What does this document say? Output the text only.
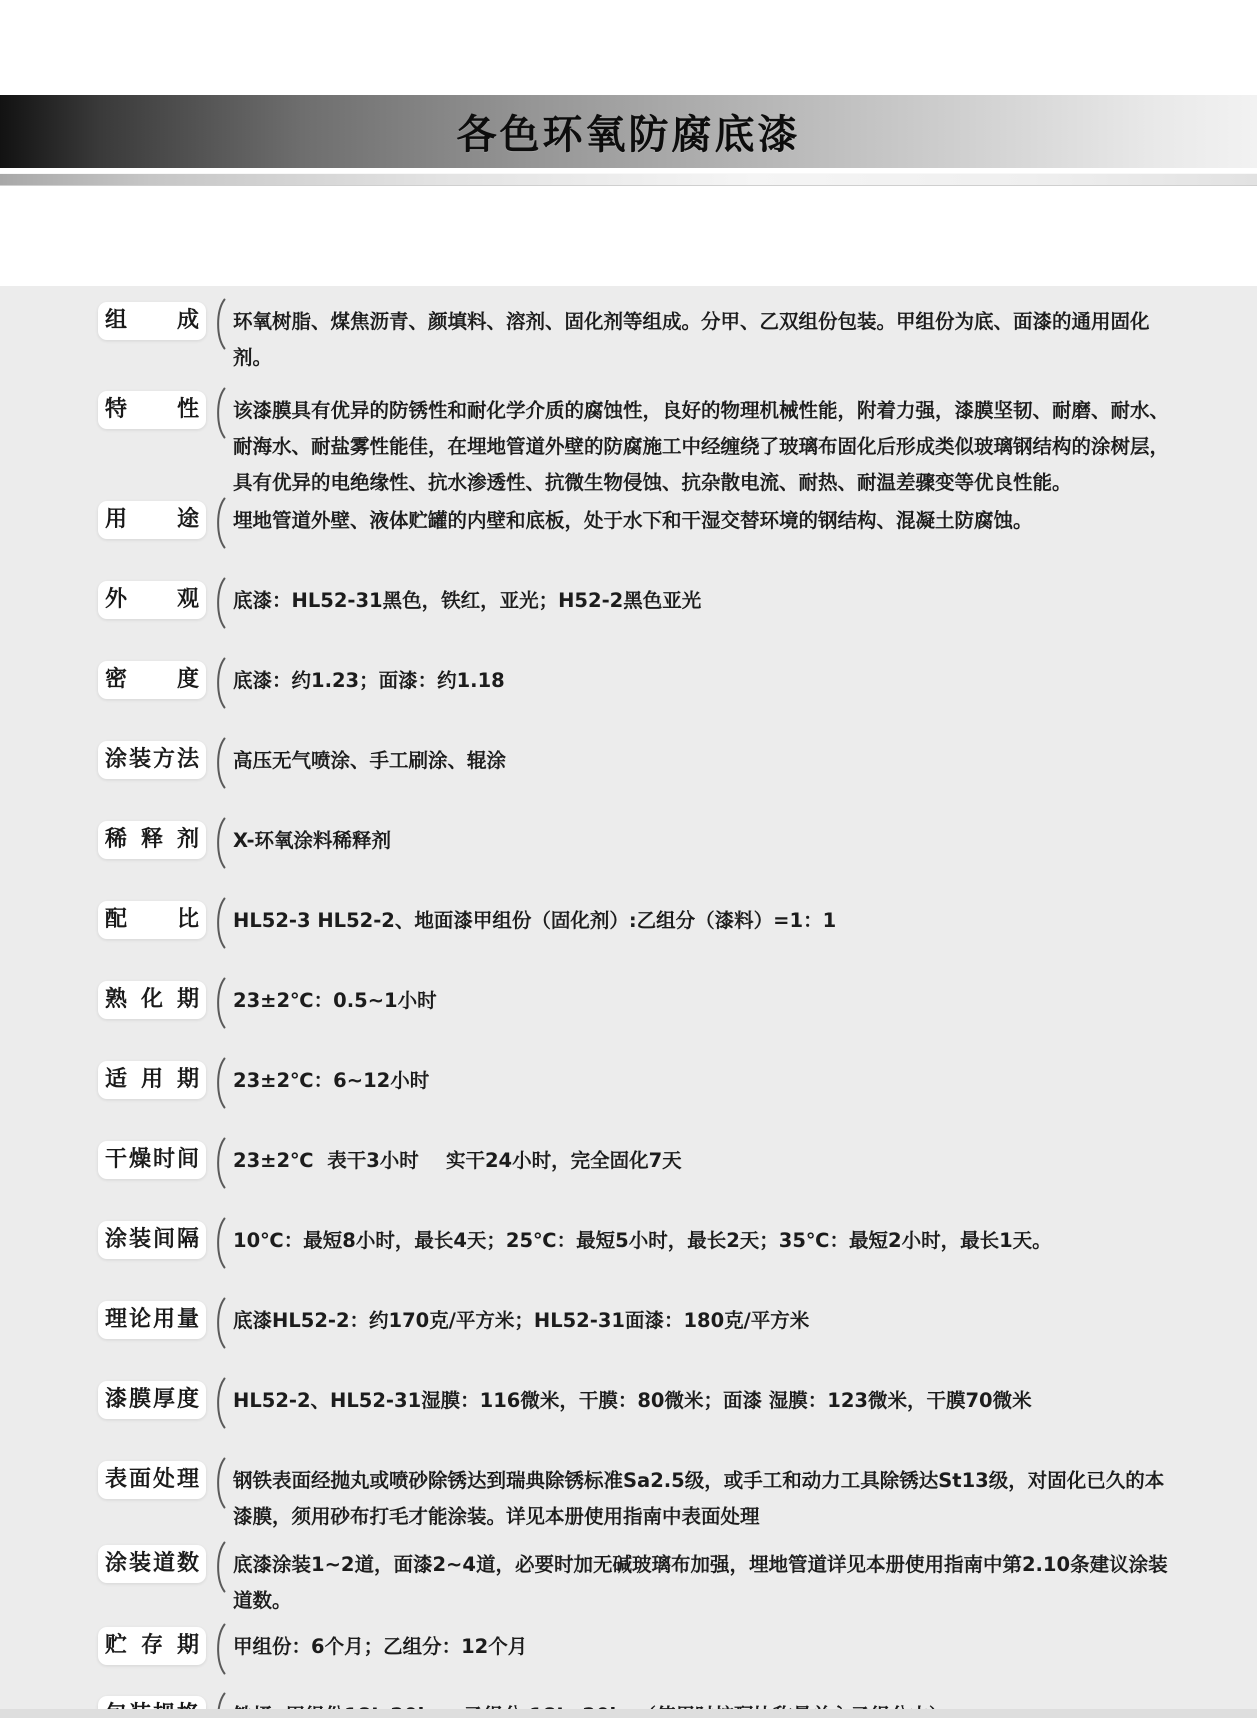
各色环氧防腐底漆
组成	环氧树脂、煤焦沥青、颜填料、溶剂、固化剂等组成。分甲、乙双组份包装。甲组份为底、面漆的通用固化剂。
特性	该漆膜具有优异的防锈性和耐化学介质的腐蚀性，良好的物理机械性能，附着力强，漆膜坚韧、耐磨、耐水、耐海水、耐盐雾性能佳，在埋地管道外壁的防腐施工中经缠绕了玻璃布固化后形成类似玻璃钢结构的涂树层，具有优异的电绝缘性、抗水渗透性、抗微生物侵蚀、抗杂散电流、耐热、耐温差骤变等优良性能。
用途	埋地管道外壁、液体贮罐的内壁和底板，处于水下和干湿交替环境的钢结构、混凝土防腐蚀。
外观	底漆：HL52-31黑色，铁红，亚光；H52-2黑色亚光
密度	底漆：约1.23；面漆：约1.18
涂装方法	高压无气喷涂、手工刷涂、辊涂
稀释剂	X-环氧涂料稀释剂
配比	HL52-3 HL52-2、地面漆甲组份（固化剂）:乙组分（漆料）=1：1
熟化期	23±2℃：0.5~1小时
适用期	23±2℃：6~12小时
干燥时间	23±2℃  表干3小时    实干24小时，完全固化7天
涂装间隔	10℃：最短8小时，最长4天；25℃：最短5小时，最长2天；35℃：最短2小时，最长1天。
理论用量	底漆HL52-2：约170克/平方米；HL52-31面漆：180克/平方米
漆膜厚度	HL52-2、HL52-31湿膜：116微米，干膜：80微米；面漆 湿膜：123微米，干膜70微米
表面处理	钢铁表面经抛丸或喷砂除锈达到瑞典除锈标准Sa2.5级，或手工和动力工具除锈达St13级，对固化已久的本漆膜，须用砂布打毛才能涂装。详见本册使用指南中表面处理
涂装道数	底漆涂装1~2道，面漆2~4道，必要时加无碱玻璃布加强，埋地管道详见本册使用指南中第2.10条建议涂装道数。
贮存期	甲组份：6个月；乙组分：12个月
